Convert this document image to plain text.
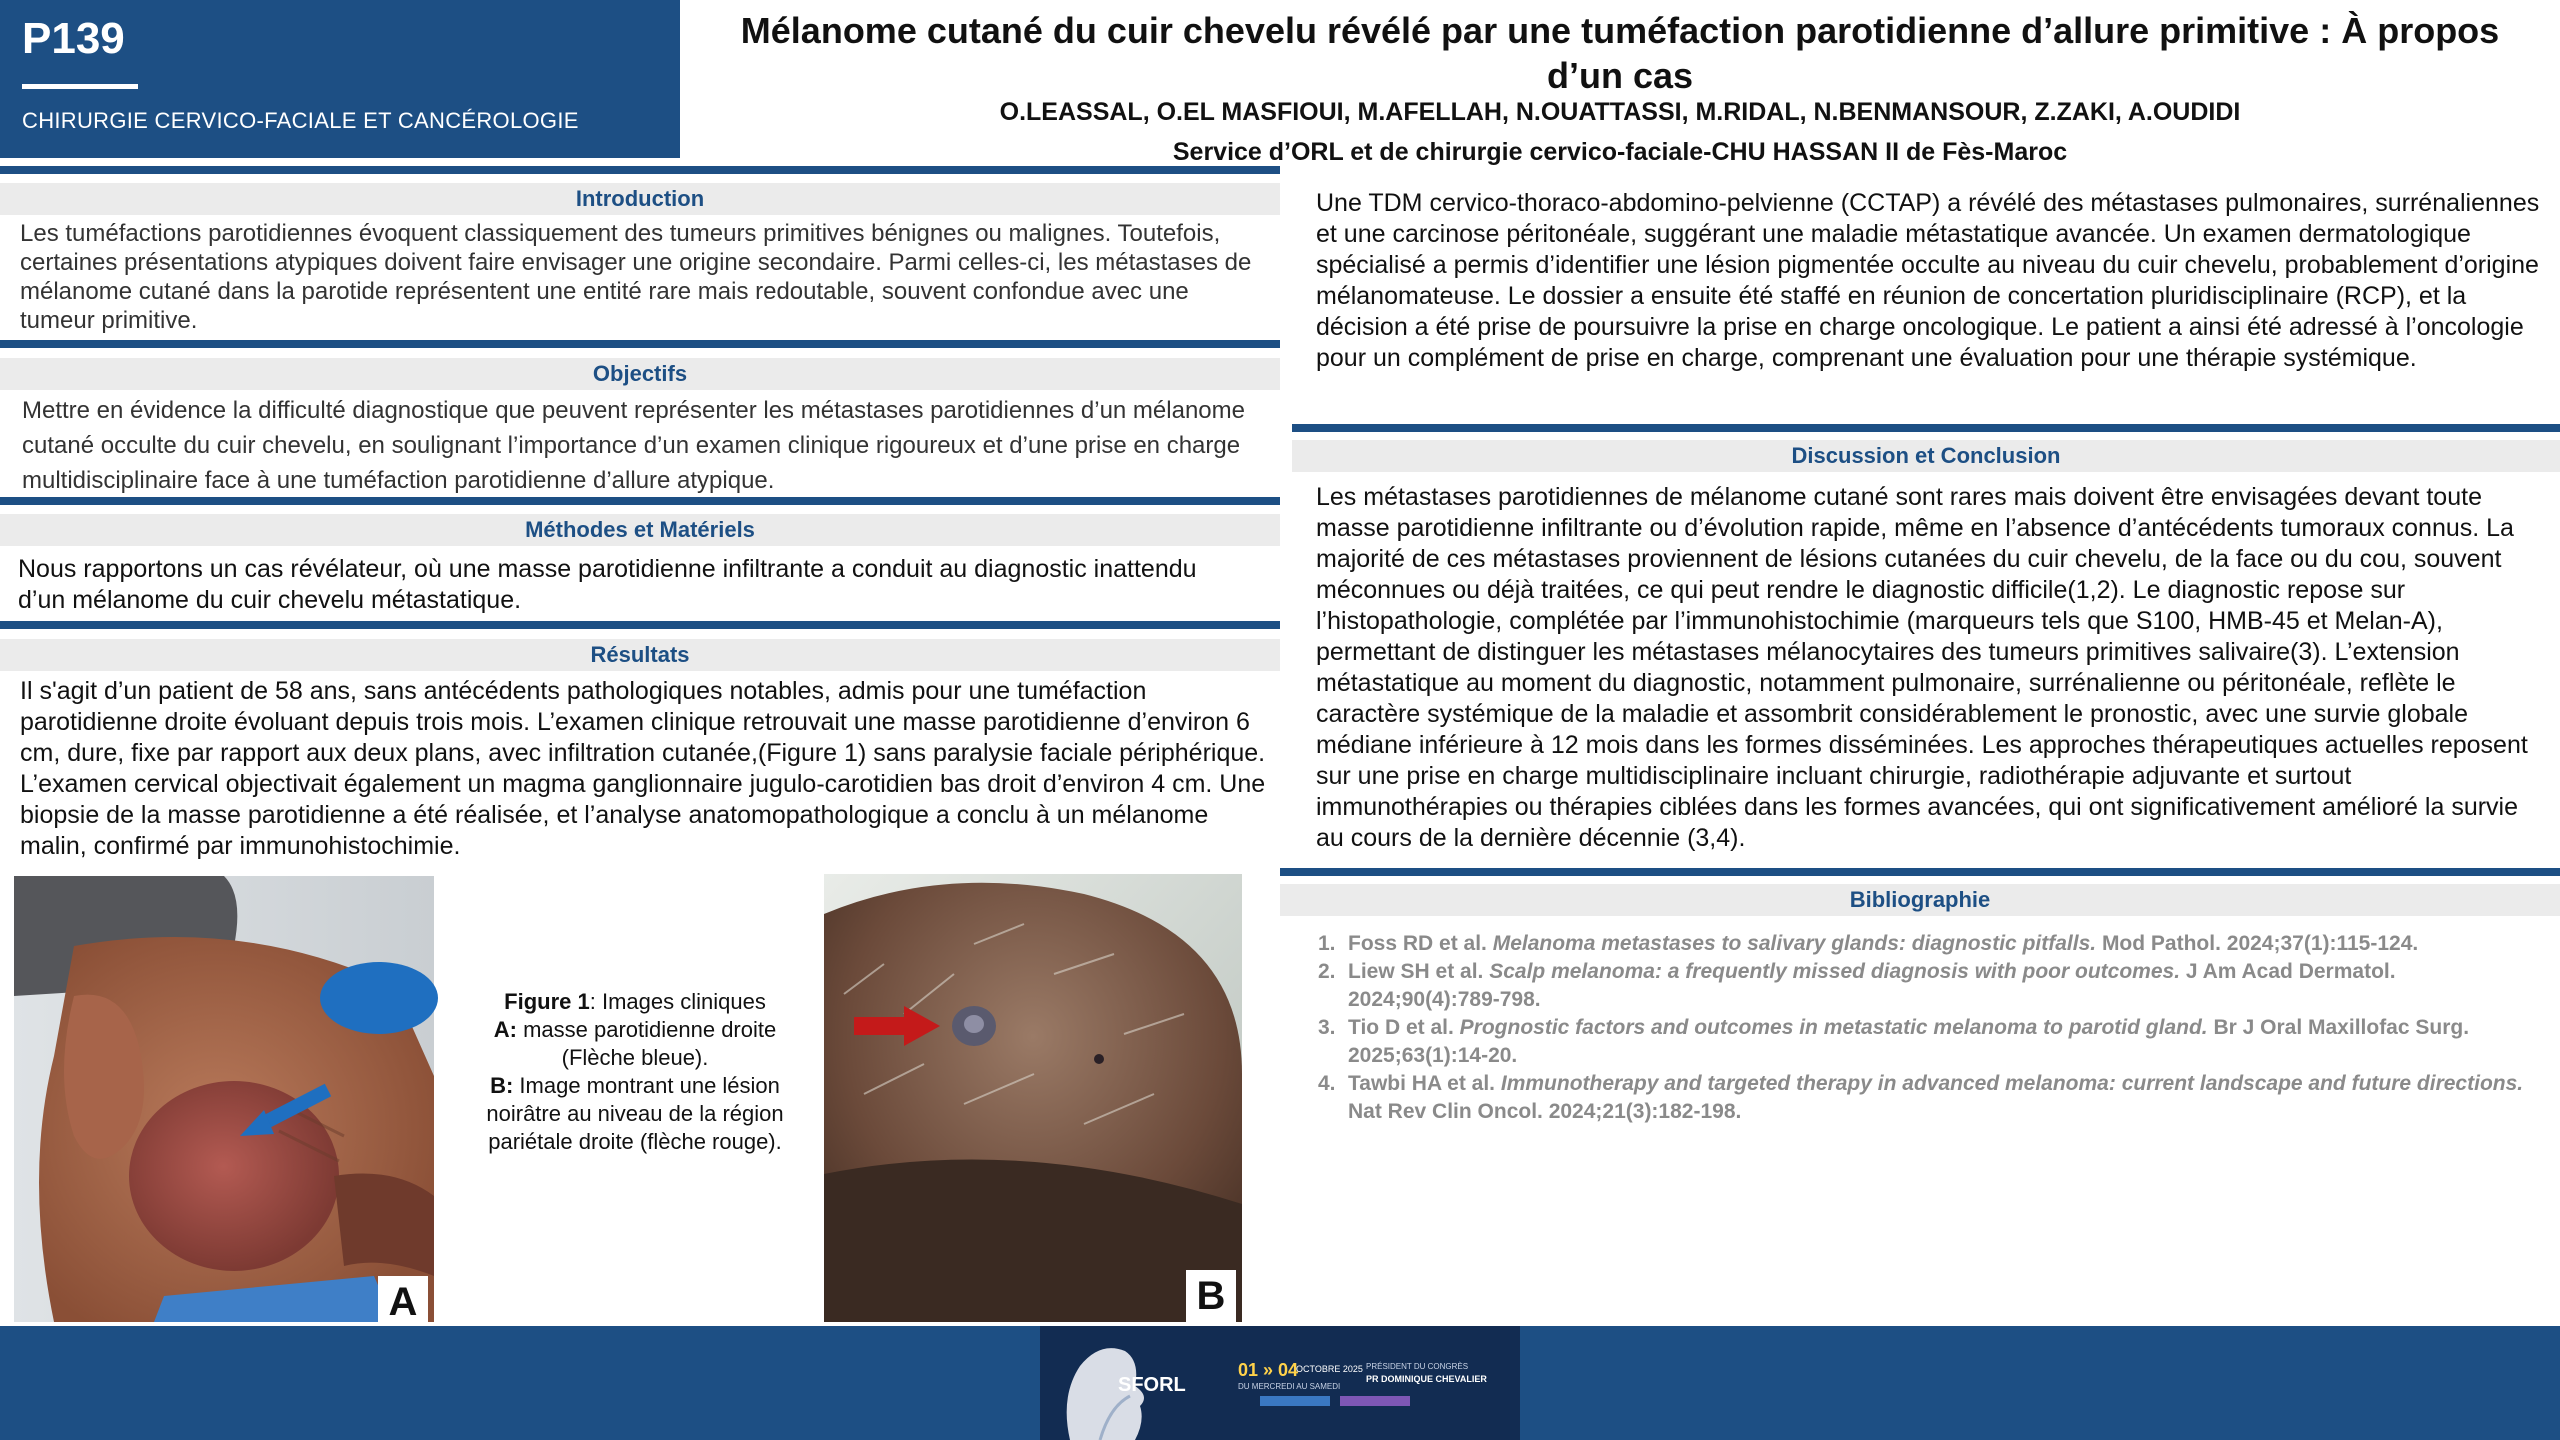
P139
CHIRURGIE CERVICO-FACIALE ET CANCÉROLOGIE
Mélanome cutané du cuir chevelu révélé par une tuméfaction parotidienne d’allure primitive : À propos d’un cas
O.LEASSAL, O.EL MASFIOUI, M.AFELLAH, N.OUATTASSI, M.RIDAL, N.BENMANSOUR, Z.ZAKI, A.OUDIDI
Service d’ORL et de chirurgie cervico-faciale-CHU HASSAN II de Fès-Maroc
Introduction
Les tuméfactions parotidiennes évoquent classiquement des tumeurs primitives bénignes ou malignes. Toutefois, certaines présentations atypiques doivent faire envisager une origine secondaire. Parmi celles-ci, les métastases de mélanome cutané dans la parotide représentent une entité rare mais redoutable, souvent confondue avec une tumeur primitive.
Objectifs
Mettre en évidence la difficulté diagnostique que peuvent représenter les métastases parotidiennes d’un mélanome cutané occulte du cuir chevelu, en soulignant l’importance d’un examen clinique rigoureux et d’une prise en charge multidisciplinaire face à une tuméfaction parotidienne d’allure atypique.
Méthodes et Matériels
Nous rapportons un cas révélateur, où une masse parotidienne infiltrante a conduit au diagnostic inattendu d’un mélanome du cuir chevelu métastatique.
Résultats
Il s'agit d’un patient de 58 ans, sans antécédents pathologiques notables, admis pour une tuméfaction parotidienne droite évoluant depuis trois mois. L’examen clinique retrouvait une masse parotidienne d’environ 6 cm, dure, fixe par rapport aux deux plans, avec infiltration cutanée,(Figure 1) sans paralysie faciale périphérique. L’examen cervical objectivait également un magma ganglionnaire jugulo-carotidien bas droit d’environ 4 cm. Une biopsie de la masse parotidienne a été réalisée, et l’analyse anatomopathologique a conclu à un mélanome malin, confirmé par immunohistochimie.
A
Figure 1: Images cliniques
A: masse parotidienne droite (Flèche bleue).
B: Image montrant une lésion noirâtre au niveau de la région pariétale droite (flèche rouge).
B
Une TDM cervico-thoraco-abdomino-pelvienne (CCTAP) a révélé des métastases pulmonaires, surrénaliennes et une carcinose péritonéale, suggérant une maladie métastatique avancée. Un examen dermatologique spécialisé a permis d’identifier une lésion pigmentée occulte au niveau du cuir chevelu, probablement d’origine mélanomateuse. Le dossier a ensuite été staffé en réunion de concertation pluridisciplinaire (RCP), et la décision a été prise de poursuivre la prise en charge oncologique. Le patient a ainsi été adressé à l’oncologie pour un complément de prise en charge, comprenant une évaluation pour une thérapie systémique.
Discussion et Conclusion
Les métastases parotidiennes de mélanome cutané sont rares mais doivent être envisagées devant toute masse parotidienne infiltrante ou d’évolution rapide, même en l’absence d’antécédents tumoraux connus. La majorité de ces métastases proviennent de lésions cutanées du cuir chevelu, de la face ou du cou, souvent méconnues ou déjà traitées, ce qui peut rendre le diagnostic difficile(1,2). Le diagnostic repose sur l’histopathologie, complétée par l’immunohistochimie (marqueurs tels que S100, HMB-45 et Melan-A), permettant de distinguer les métastases mélanocytaires des tumeurs primitives salivaire(3). L’extension métastatique au moment du diagnostic, notamment pulmonaire, surrénalienne ou péritonéale, reflète le caractère systémique de la maladie et assombrit considérablement le pronostic, avec une survie globale médiane inférieure à 12 mois dans les formes disséminées. Les approches thérapeutiques actuelles reposent sur une prise en charge multidisciplinaire incluant chirurgie, radiothérapie adjuvante et surtout immunothérapies ou thérapies ciblées dans les formes avancées, qui ont significativement amélioré la survie au cours de la dernière décennie (3,4).
Bibliographie
1. Foss RD et al. Melanoma metastases to salivary glands: diagnostic pitfalls. Mod Pathol. 2024;37(1):115-124.
2. Liew SH et al. Scalp melanoma: a frequently missed diagnosis with poor outcomes. J Am Acad Dermatol. 2024;90(4):789-798.
3. Tio D et al. Prognostic factors and outcomes in metastatic melanoma to parotid gland. Br J Oral Maxillofac Surg. 2025;63(1):14-20.
4. Tawbi HA et al. Immunotherapy and targeted therapy in advanced melanoma: current landscape and future directions. Nat Rev Clin Oncol. 2024;21(3):182-198.
SFORL
01 » 04
OCTOBRE 2025
DU MERCREDI AU SAMEDI
PRÉSIDENT DU CONGRÈS
PR DOMINIQUE CHEVALIER
